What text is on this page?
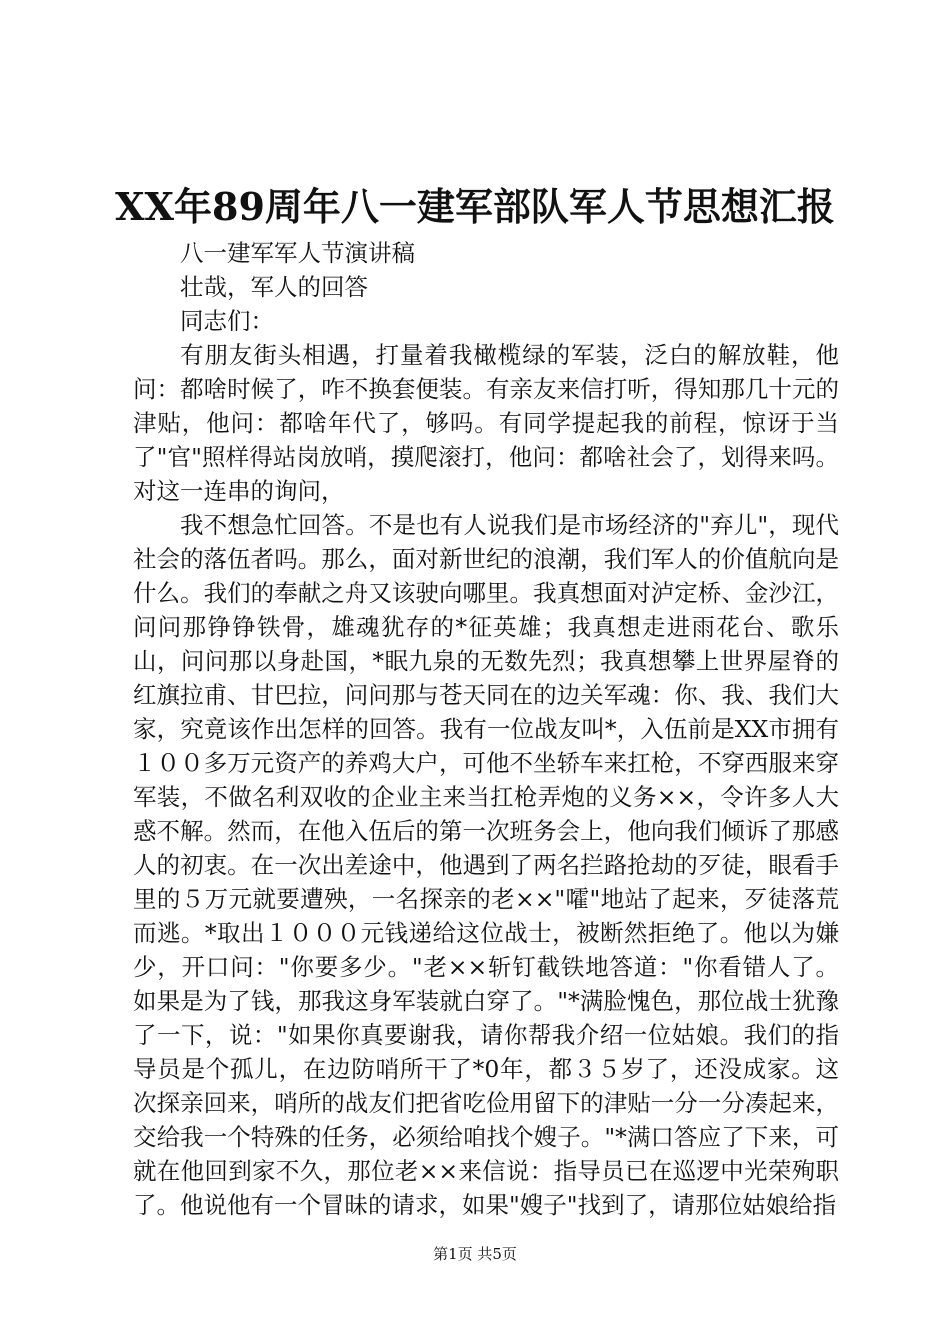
XX年89周年八一建军部队军人节思想汇报

八一建军军人节演讲稿

壮哉，军人的回答

同志们：

有朋友街头相遇，打量着我橄榄绿的军装，泛白的解放鞋，他问：都啥时候了，咋不换套便装。有亲友来信打听，得知那几十元的津贴，他问：都啥年代了，够吗。有同学提起我的前程，惊讶于当了"官"照样得站岗放哨，摸爬滚打，他问：都啥社会了，划得来吗。对这一连串的询问，

我不想急忙回答。不是也有人说我们是市场经济的"弃儿"，现代社会的落伍者吗。那么，面对新世纪的浪潮，我们军人的价值航向是什么。我们的奉献之舟又该驶向哪里。我真想面对泸定桥、金沙江，问问那铮铮铁骨，雄魂犹存的*征英雄；我真想走进雨花台、歌乐山，问问那以身赴国，*眠九泉的无数先烈；我真想攀上世界屋脊的红旗拉甫、甘巴拉，问问那与苍天同在的边关军魂：你、我、我们大家，究竟该作出怎样的回答。我有一位战友叫*，入伍前是XX市拥有１００多万元资产的养鸡大户，可他不坐轿车来扛枪，不穿西服来穿军装，不做名利双收的企业主来当扛枪弄炮的义务××，令许多人大惑不解。然而，在他入伍后的第一次班务会上，他向我们倾诉了那感人的初衷。在一次出差途中，他遇到了两名拦路抢劫的歹徒，眼看手里的５万元就要遭殃，一名探亲的老××"嚯"地站了起来，歹徒落荒而逃。*取出１０００元钱递给这位战士，被断然拒绝了。他以为嫌少，开口问："你要多少。"老××斩钉截铁地答道："你看错人了。如果是为了钱，那我这身军装就白穿了。"*满脸愧色，那位战士犹豫了一下，说："如果你真要谢我，请你帮我介绍一位姑娘。我们的指导员是个孤儿，在边防哨所干了*0年，都３５岁了，还没成家。这次探亲回来，哨所的战友们把省吃俭用留下的津贴一分一分凑起来，交给我一个特殊的任务，必须给咱找个嫂子。"*满口答应了下来，可就在他回到家不久，那位老××来信说：指导员已在巡逻中光荣殉职了。他说他有一个冒昧的请求，如果"嫂子"找到了，请那位姑娘给指

第1页 共5页
